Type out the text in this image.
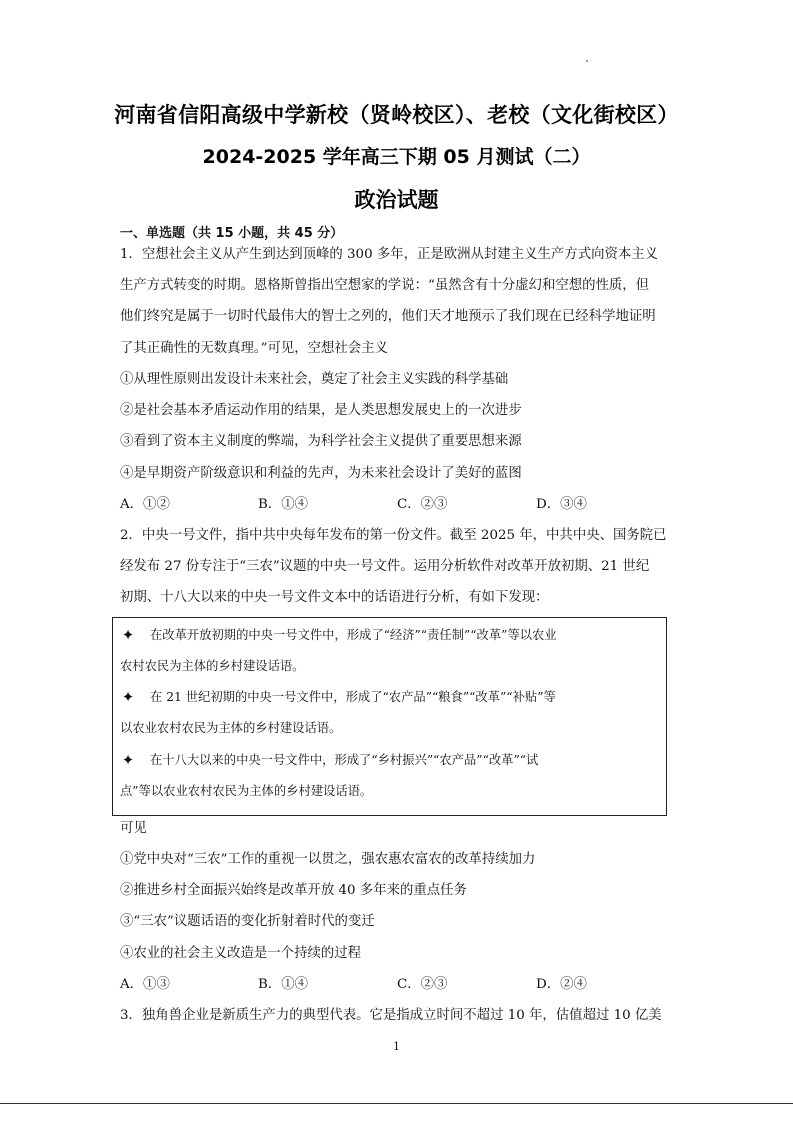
河南省信阳高级中学新校（贤岭校区）、老校（文化街校区）
2024-2025 学年高三下期 05 月测试（二）
政治试题
一、单选题（共 15 小题，共 45 分）
1．空想社会主义从产生到达到顶峰的 300 多年，正是欧洲从封建主义生产方式向资本主义
生产方式转变的时期。恩格斯曾指出空想家的学说：“虽然含有十分虚幻和空想的性质，但
他们终究是属于一切时代最伟大的智士之列的，他们天才地预示了我们现在已经科学地证明
了其正确性的无数真理。”可见，空想社会主义
①从理性原则出发设计未来社会，奠定了社会主义实践的科学基础
②是社会基本矛盾运动作用的结果，是人类思想发展史上的一次进步
③看到了资本主义制度的弊端，为科学社会主义提供了重要思想来源
④是早期资产阶级意识和利益的先声，为未来社会设计了美好的蓝图
A．①②	B．①④	C．②③	D．③④
2．中央一号文件，指中共中央每年发布的第一份文件。截至 2025 年，中共中央、国务院已
经发布 27 份专注于“三农”议题的中央一号文件。运用分析软件对改革开放初期、21 世纪
初期、十八大以来的中央一号文件文本中的话语进行分析，有如下发现：
✦ 在改革开放初期的中央一号文件中，形成了“经济”“责任制”“改革”等以农业
农村农民为主体的乡村建设话语。
✦ 在 21 世纪初期的中央一号文件中，形成了“农产品”“粮食”“改革”“补贴”等
以农业农村农民为主体的乡村建设话语。
✦ 在十八大以来的中央一号文件中，形成了“乡村振兴”“农产品”“改革”“试
点”等以农业农村农民为主体的乡村建设话语。
可见
①党中央对“三农”工作的重视一以贯之，强农惠农富农的改革持续加力
②推进乡村全面振兴始终是改革开放 40 多年来的重点任务
③“三农”议题话语的变化折射着时代的变迁
④农业的社会主义改造是一个持续的过程
A．①③	B．①④	C．②③	D．②④
3．独角兽企业是新质生产力的典型代表。它是指成立时间不超过 10 年，估值超过 10 亿美
1
